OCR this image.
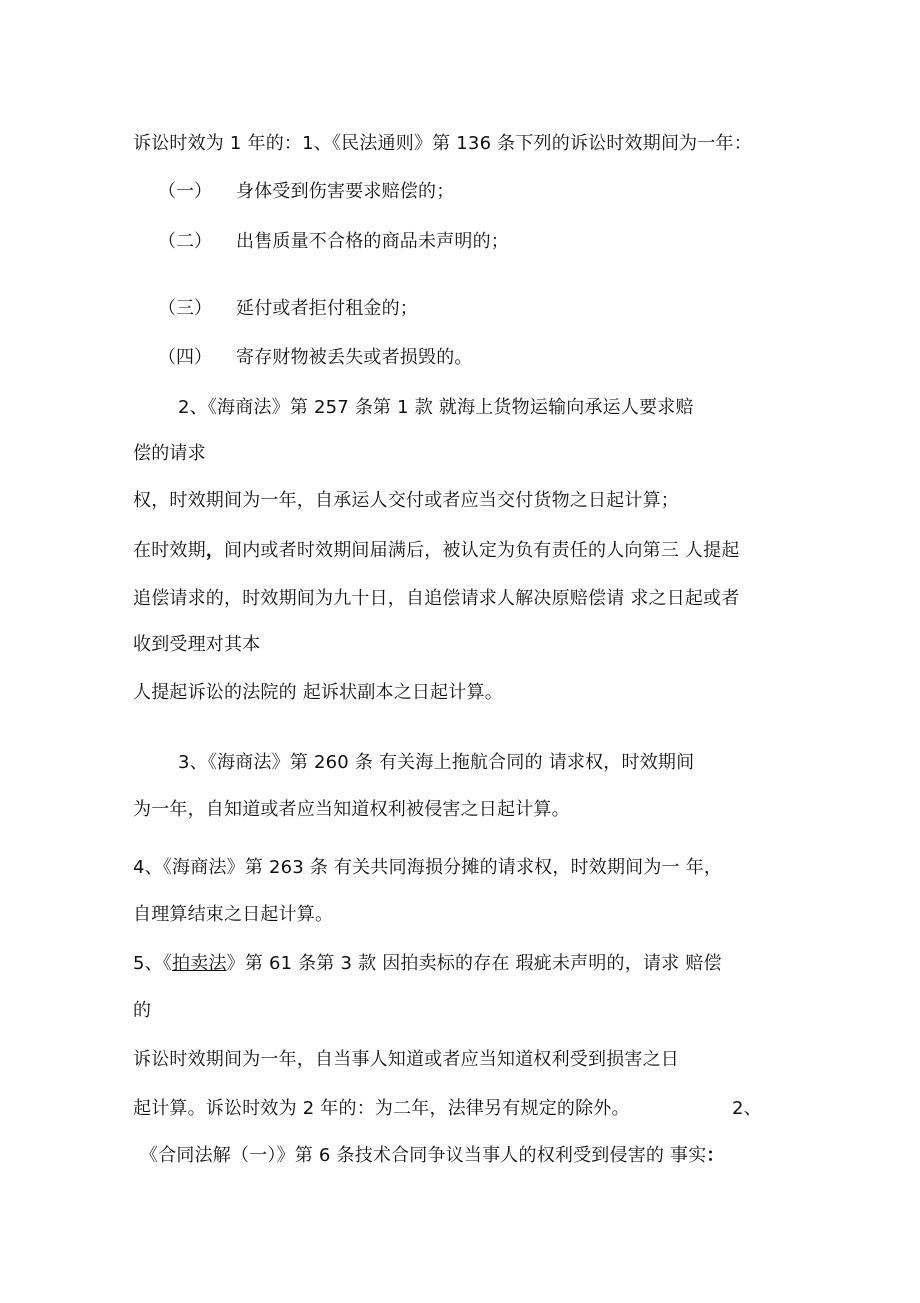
诉讼时效为 1 年的：1、《民法通则》第 136 条下列的诉讼时效期间为一年：
（一） 身体受到伤害要求赔偿的；
（二） 出售质量不合格的商品未声明的；
（三） 延付或者拒付租金的；
（四） 寄存财物被丢失或者损毁的。
2、《海商法》第 257 条第 1 款 就海上货物运输向承运人要求赔
偿的请求
权，时效期间为一年，自承运人交付或者应当交付货物之日起计算；
在时效期，间内或者时效期间届满后，被认定为负有责任的人向第三 人提起
追偿请求的，时效期间为九十日，自追偿请求人解决原赔偿请 求之日起或者
收到受理对其本
人提起诉讼的法院的 起诉状副本之日起计算。
3、《海商法》第 260 条 有关海上拖航合同的 请求权，时效期间
为一年，自知道或者应当知道权利被侵害之日起计算。
4、《海商法》第 263 条 有关共同海损分摊的请求权，时效期间为一 年，
自理算结束之日起计算。
5、《拍卖法》第 61 条第 3 款 因拍卖标的存在 瑕疵未声明的，请求 赔偿
的
诉讼时效期间为一年，自当事人知道或者应当知道权利受到损害之日
起计算。诉讼时效为 2 年的：为二年，法律另有规定的除外。	2、
《合同法解（一）》第 6 条技术合同争议当事人的权利受到侵害的 事实：
